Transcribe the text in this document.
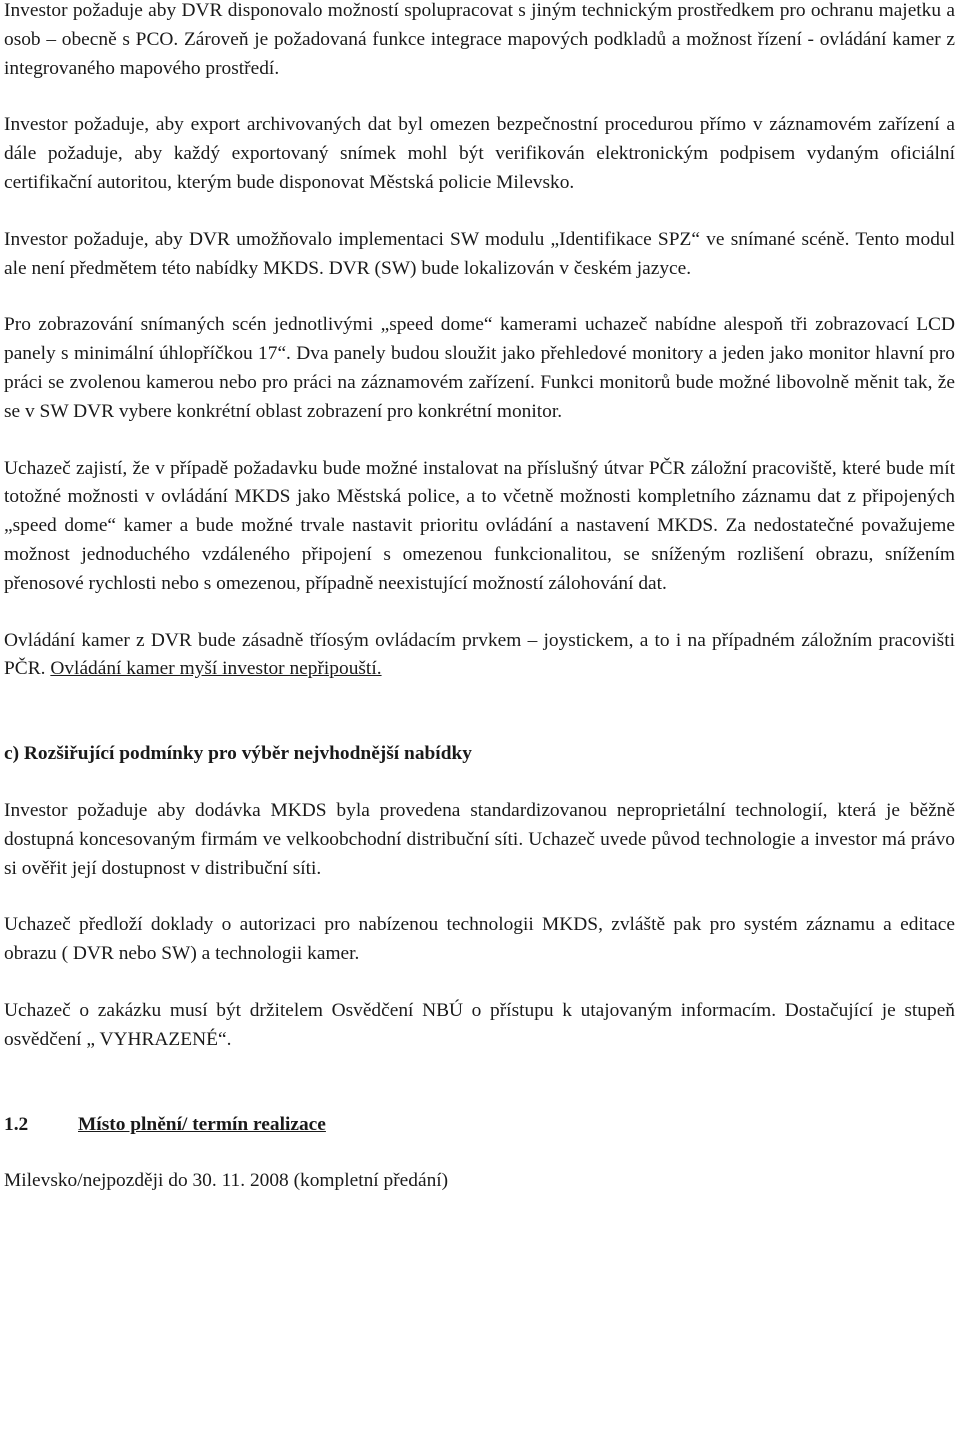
Investor požaduje aby DVR disponovalo možností spolupracovat s jiným technickým prostředkem pro ochranu majetku a osob – obecně s PCO. Zároveň je požadovaná funkce integrace mapových podkladů a možnost řízení - ovládání kamer z integrovaného mapového prostředí.

Investor požaduje, aby export archivovaných dat byl omezen bezpečnostní procedurou přímo v záznamovém zařízení a dále požaduje, aby každý exportovaný snímek mohl být verifikován elektronickým podpisem vydaným oficiální certifikační autoritou, kterým bude disponovat Městská policie Milevsko.

Investor požaduje, aby DVR umožňovalo implementaci SW modulu „Identifikace SPZ“ ve snímané scéně. Tento modul ale není předmětem této nabídky MKDS. DVR (SW) bude lokalizován v českém jazyce.

Pro zobrazování snímaných scén jednotlivými „speed dome“ kamerami uchazeč nabídne alespoň tři zobrazovací LCD panely s minimální úhlopříčkou 17“. Dva panely budou sloužit jako přehledové monitory a jeden jako monitor hlavní pro práci se zvolenou kamerou nebo pro práci na záznamovém zařízení. Funkci monitorů bude možné libovolně měnit tak, že se v SW DVR vybere konkrétní oblast zobrazení pro konkrétní monitor.

Uchazeč zajistí, že v případě požadavku bude možné instalovat na příslušný útvar PČR záložní pracoviště, které bude mít totožné možnosti v ovládání MKDS jako Městská police, a to včetně možnosti kompletního záznamu dat z připojených „speed dome“ kamer a bude možné trvale nastavit prioritu ovládání a nastavení MKDS. Za nedostatečné považujeme možnost jednoduchého vzdáleného připojení s omezenou funkcionalitou, se sníženým rozlišení obrazu, snížením přenosové rychlosti nebo s omezenou, případně neexistující možností zálohování dat.

Ovládání kamer z DVR bude zásadně tříosým ovládacím prvkem – joystickem, a to i na případném záložním pracovišti PČR. Ovládání kamer myší investor nepřipouští.

c) Rozšiřující podmínky pro výběr nejvhodnější nabídky

Investor požaduje aby dodávka MKDS byla provedena standardizovanou neproprietální technologií, která je běžně dostupná koncesovaným firmám ve velkoobchodní distribuční síti. Uchazeč uvede původ technologie a investor má právo si ověřit její dostupnost v distribuční síti.

Uchazeč předloží doklady o autorizaci pro nabízenou technologii MKDS, zvláště pak pro systém záznamu a editace obrazu ( DVR nebo SW) a technologii kamer.

Uchazeč o zakázku musí být držitelem Osvědčení NBÚ o přístupu k utajovaným informacím. Dostačující je stupeň osvědčení „ VYHRAZENÉ“.

1.2	Místo plnění/ termín realizace

Milevsko/nejpozději do 30. 11. 2008 (kompletní předání)
